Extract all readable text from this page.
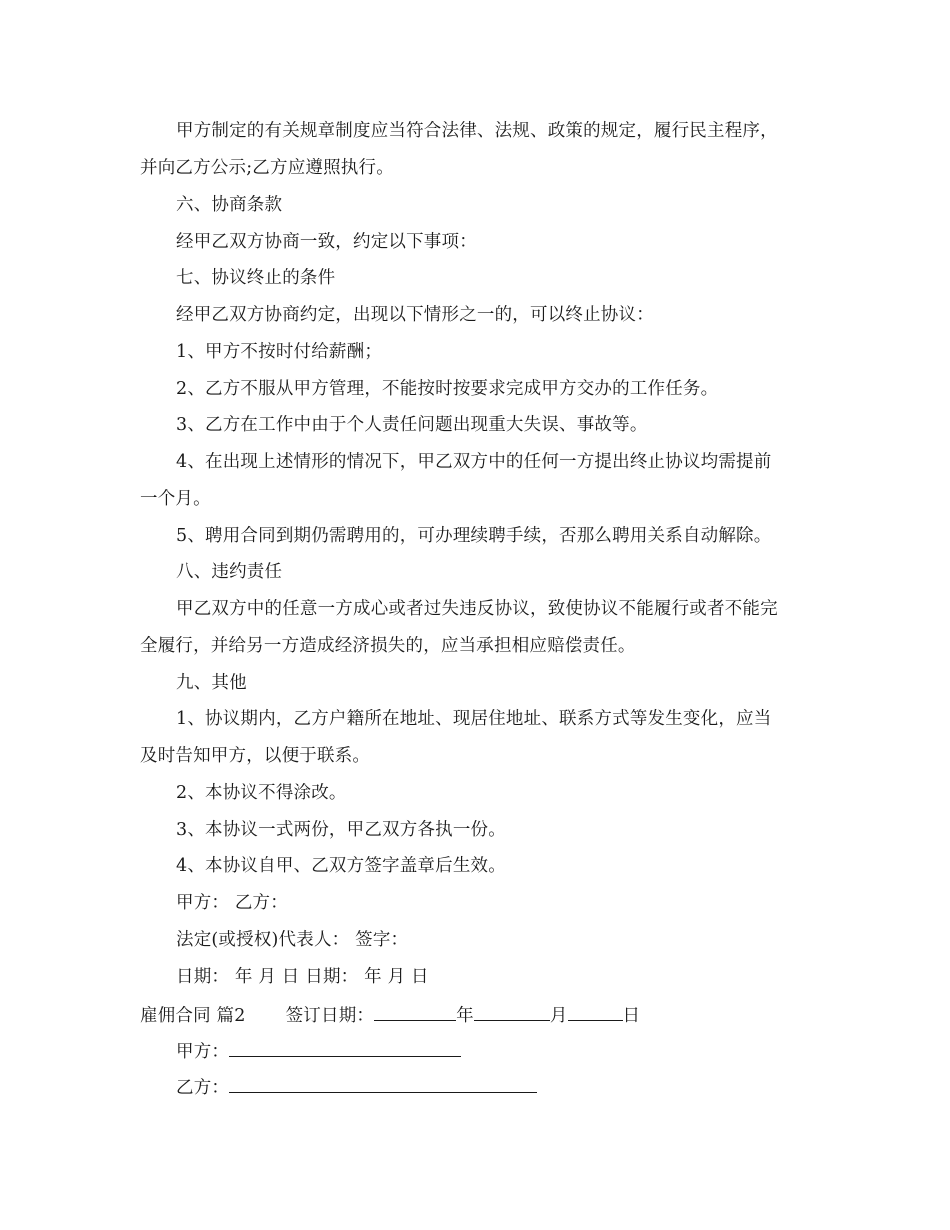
甲方制定的有关规章制度应当符合法律、法规、政策的规定，履行民主程序，
并向乙方公示;乙方应遵照执行。
六、协商条款
经甲乙双方协商一致，约定以下事项：
七、协议终止的条件
经甲乙双方协商约定，出现以下情形之一的，可以终止协议：
1、甲方不按时付给薪酬；
2、乙方不服从甲方管理，不能按时按要求完成甲方交办的工作任务。
3、乙方在工作中由于个人责任问题出现重大失误、事故等。
4、在出现上述情形的情况下，甲乙双方中的任何一方提出终止协议均需提前
一个月。
5、聘用合同到期仍需聘用的，可办理续聘手续，否那么聘用关系自动解除。
八、违约责任
甲乙双方中的任意一方成心或者过失违反协议，致使协议不能履行或者不能完
全履行，并给另一方造成经济损失的，应当承担相应赔偿责任。
九、其他
1、协议期内，乙方户籍所在地址、现居住地址、联系方式等发生变化，应当
及时告知甲方，以便于联系。
2、本协议不得涂改。
3、本协议一式两份，甲乙双方各执一份。
4、本协议自甲、乙双方签字盖章后生效。
甲方： 乙方：
法定(或授权)代表人： 签字：
日期： 年 月 日 日期： 年 月 日
雇佣合同 篇2 签订日期：	年	月	日
甲方：
乙方：
